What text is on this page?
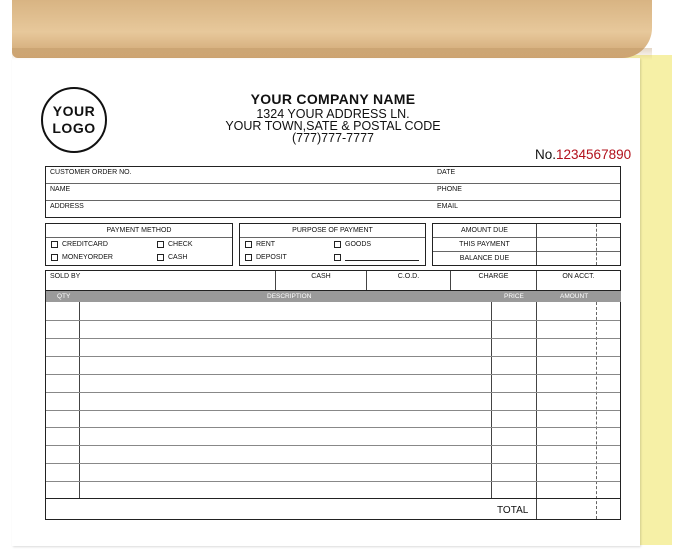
YOUR
LOGO
YOUR COMPANY NAME
1324 YOUR ADDRESS LN.
YOUR TOWN,SATE & POSTAL CODE
(777)777-7777
No.1234567890
CUSTOMER ORDER NO.	DATE
NAME	PHONE
ADDRESS	EMAIL
PAYMENT METHOD
CREDITCARD	CHECK
MONEYORDER	CASH
PURPOSE OF PAYMENT
RENT	GOODS
DEPOSIT
AMOUNT DUE
THIS PAYMENT
BALANCE DUE
SOLD BY	CASH	C.O.D.	CHARGE	ON ACCT.
QTY	DESCRIPTION	PRICE	AMOUNT
TOTAL
